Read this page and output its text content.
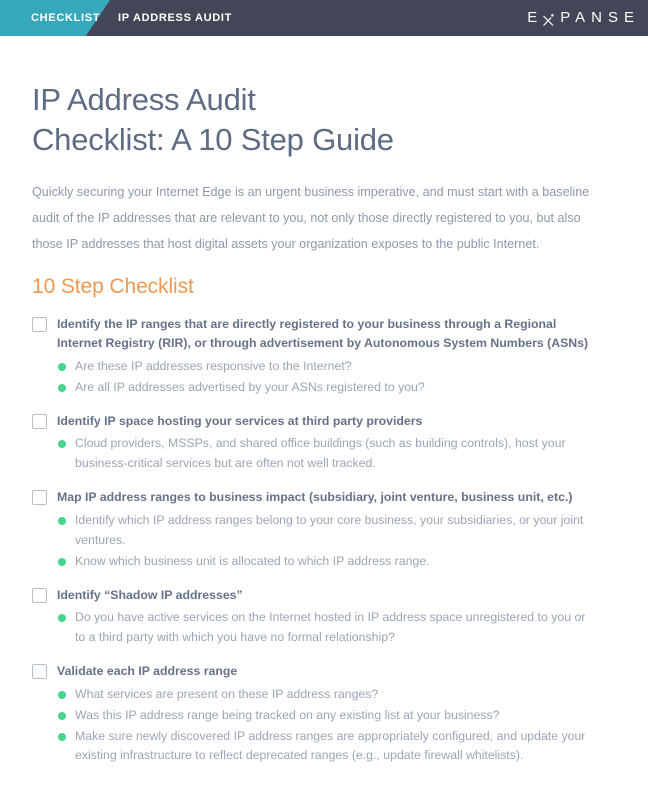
CHECKLIST IP ADDRESS AUDIT	E PANSE
IP Address Audit
Checklist: A 10 Step Guide

Quickly securing your Internet Edge is an urgent business imperative, and must start with a baseline audit of the IP addresses that are relevant to you, not only those directly registered to you, but also those IP addresses that host digital assets your organization exposes to the public Internet.

10 Step Checklist
Identify the IP ranges that are directly registered to your business through a Regional Internet Registry (RIR), or through advertisement by Autonomous System Numbers (ASNs)
Are these IP addresses responsive to the Internet?
Are all IP addresses advertised by your ASNs registered to you?
Identify IP space hosting your services at third party providers
Cloud providers, MSSPs, and shared office buildings (such as building controls), host your business-critical services but are often not well tracked.
Map IP address ranges to business impact (subsidiary, joint venture, business unit, etc.)
Identify which IP address ranges belong to your core business, your subsidiaries, or your joint ventures.
Know which business unit is allocated to which IP address range.
Identify “Shadow IP addresses”
Do you have active services on the Internet hosted in IP address space unregistered to you or to a third party with which you have no formal relationship?
Validate each IP address range
What services are present on these IP address ranges?
Was this IP address range being tracked on any existing list at your business?
Make sure newly discovered IP address ranges are appropriately configured, and update your existing infrastructure to reflect deprecated ranges (e.g., update firewall whitelists).
